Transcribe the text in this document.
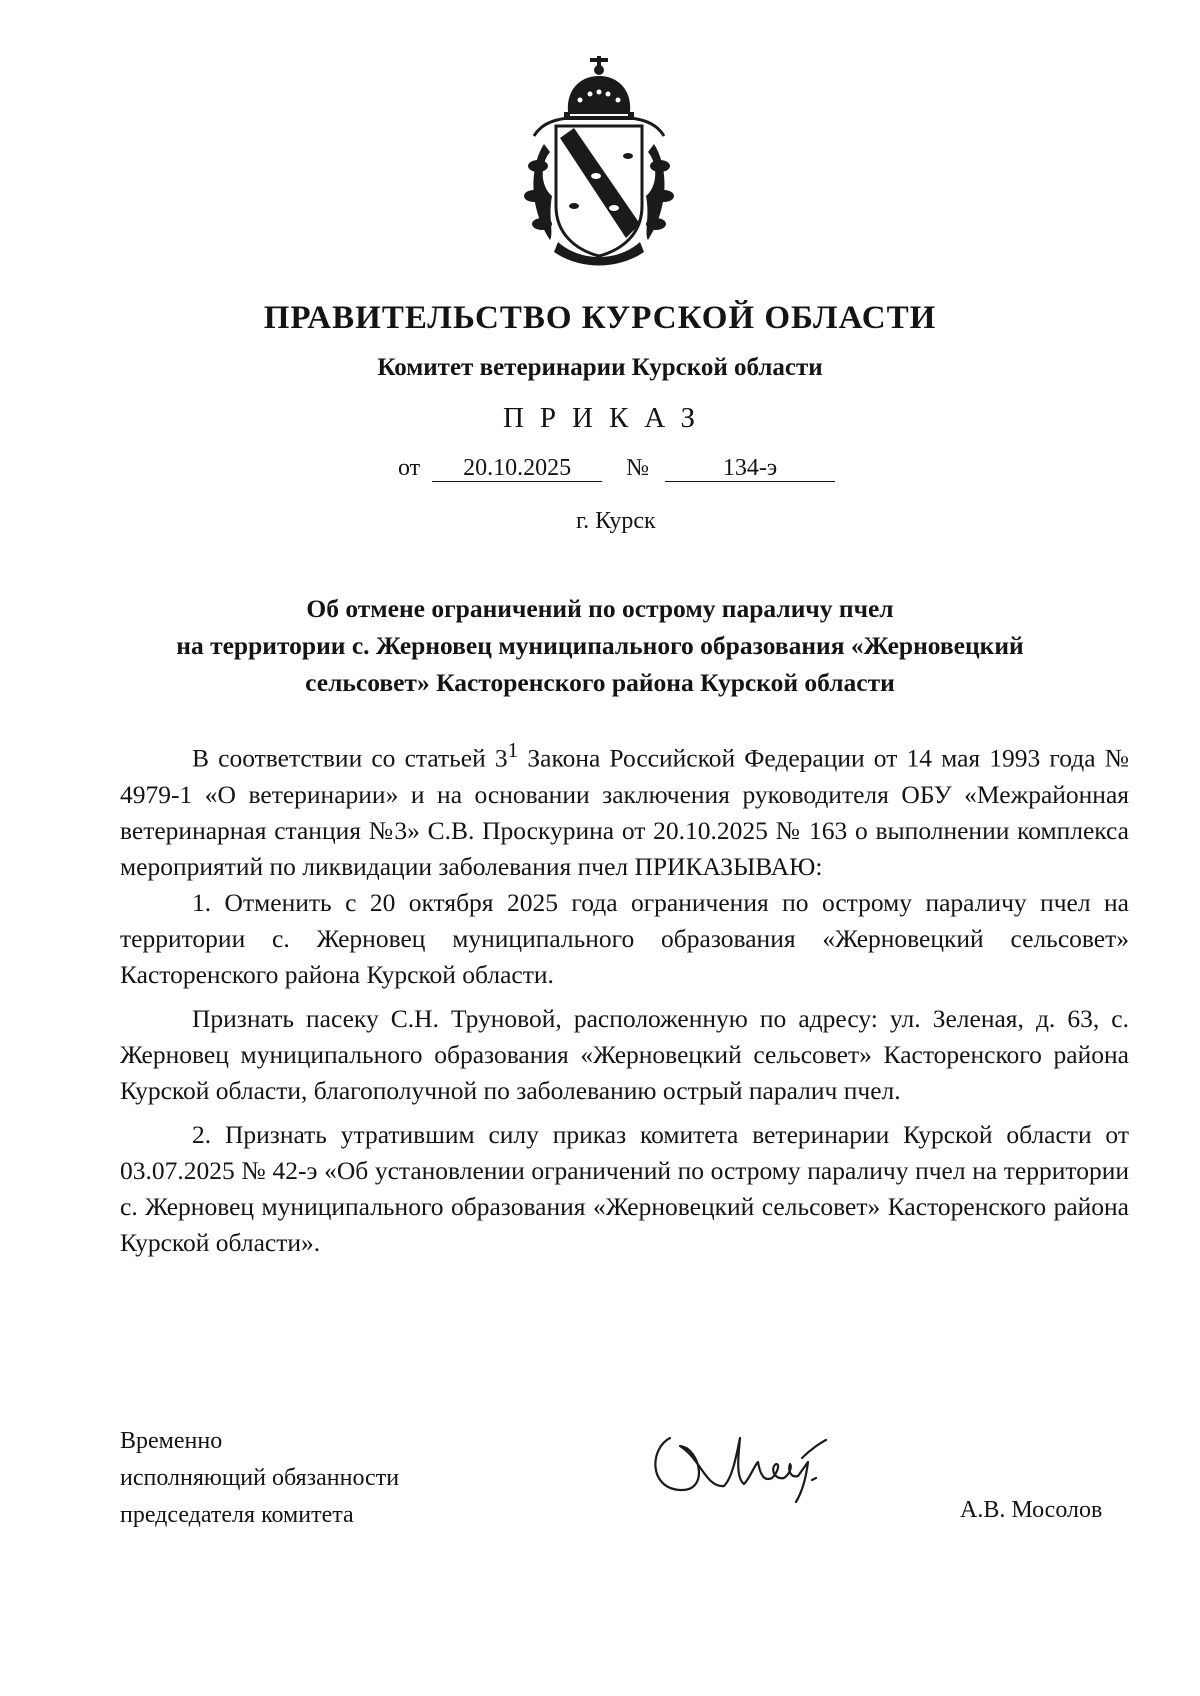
ПРАВИТЕЛЬСТВО КУРСКОЙ ОБЛАСТИ
Комитет ветеринарии Курской области
ПРИКАЗ
от 20.10.2025 №	134-э
г. Курск
Об отмене ограничений по острому параличу пчел
на территории с. Жерновец муниципального образования «Жерновецкий
сельсовет» Касторенского района Курской области

В соответствии со статьей $3^1$ Закона Российской Федерации от 14 мая 1993 года № 4979-1 «О ветеринарии» и на основании заключения руководителя ОБУ «Межрайонная ветеринарная станция №3» С.В. Проскурина от 20.10.2025 № 163 о выполнении комплекса мероприятий по ликвидации заболевания пчел ПРИКАЗЫВАЮ:

1. Отменить с 20 октября 2025 года ограничения по острому параличу пчел на территории с. Жерновец муниципального образования «Жерновецкий сельсовет» Касторенского района Курской области.

Признать пасеку С.Н. Труновой, расположенную по адресу: ул. Зеленая, д. 63, с. Жерновец муниципального образования «Жерновецкий сельсовет» Касторенского района Курской области, благополучной по заболеванию острый паралич пчел.

2. Признать утратившим силу приказ комитета ветеринарии Курской области от 03.07.2025 № 42-э «Об установлении ограничений по острому параличу пчел на территории с. Жерновец муниципального образования «Жерновецкий сельсовет» Касторенского района Курской области».

Временно
исполняющий обязанности
председателя комитета	А.В. Мосолов
